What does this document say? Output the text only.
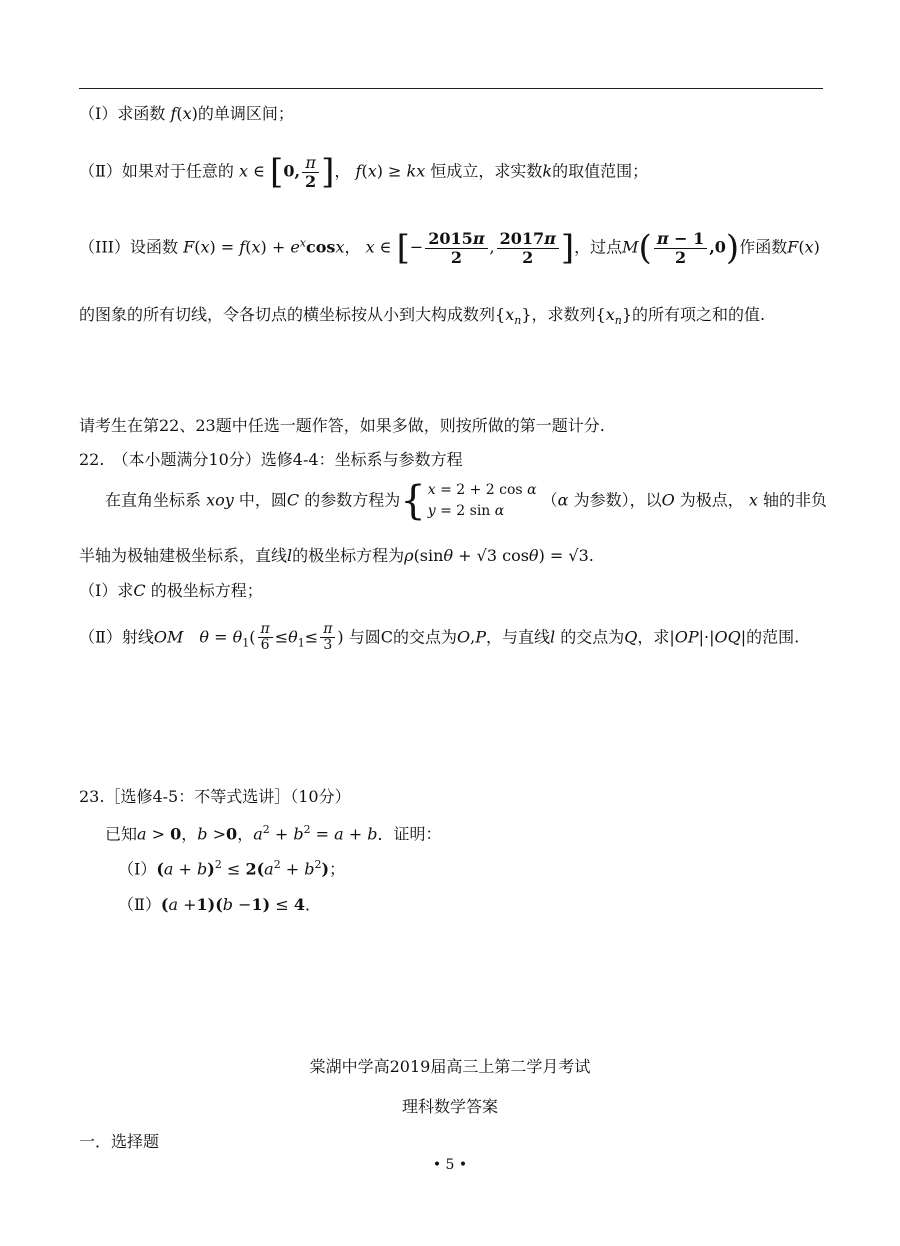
（Ⅰ）求函数 f(x)的单调区间；
（Ⅱ）如果对于任意的 x ∈ [0, $\frac{\pi}{2}$ ]， f(x) ≥ kx 恒成立，求实数k的取值范围；
（III）设函数 $F(x) = f(x) + e^x\cos x$， x ∈ [− $\frac{2015\pi}{2}$ , $\frac{2017\pi}{2}$ ]，过点$M( \frac{\pi - 1}{2} ,0)$作函数F(x)
的图象的所有切线，令各切点的横坐标按从小到大构成数列$\{x_n\}$，求数列$\{x_n\}$的所有项之和的值.
请考生在第22、23题中任选一题作答，如果多做，则按所做的第一题计分.
22.　（本小题满分10分）选修4-4：坐标系与参数方程
在直角坐标系 xoy 中，圆C 的参数方程为 { x = 2 + 2 cos α
y = 2 sin α
（α 为参数），以O 为极点， x 轴的非负
半轴为极轴建极坐标系，直线l的极坐标方程为ρ(sinθ + √3 cosθ) = √3.
（Ⅰ）求C 的极坐标方程；
（Ⅱ）射线OM　 $\theta = \theta_1( \frac{\pi}{6} \le\theta_1\le \frac{\pi}{3}$ ) 与圆C的交点为O,P，与直线l 的交点为Q，求|OP|·|OQ|的范围.
23.［选修4-5：不等式选讲］（10分）
已知a > 0，b >0，$a^2 + b^2 = a + b$．证明：
（Ⅰ）(a + $b)^2 \le 2(a^2 + b^2)$；
（Ⅱ）(a +1)(b −1) ≤ 4．
棠湖中学高2019届高三上第二学月考试
理科数学答案
一．选择题
• 5 •
